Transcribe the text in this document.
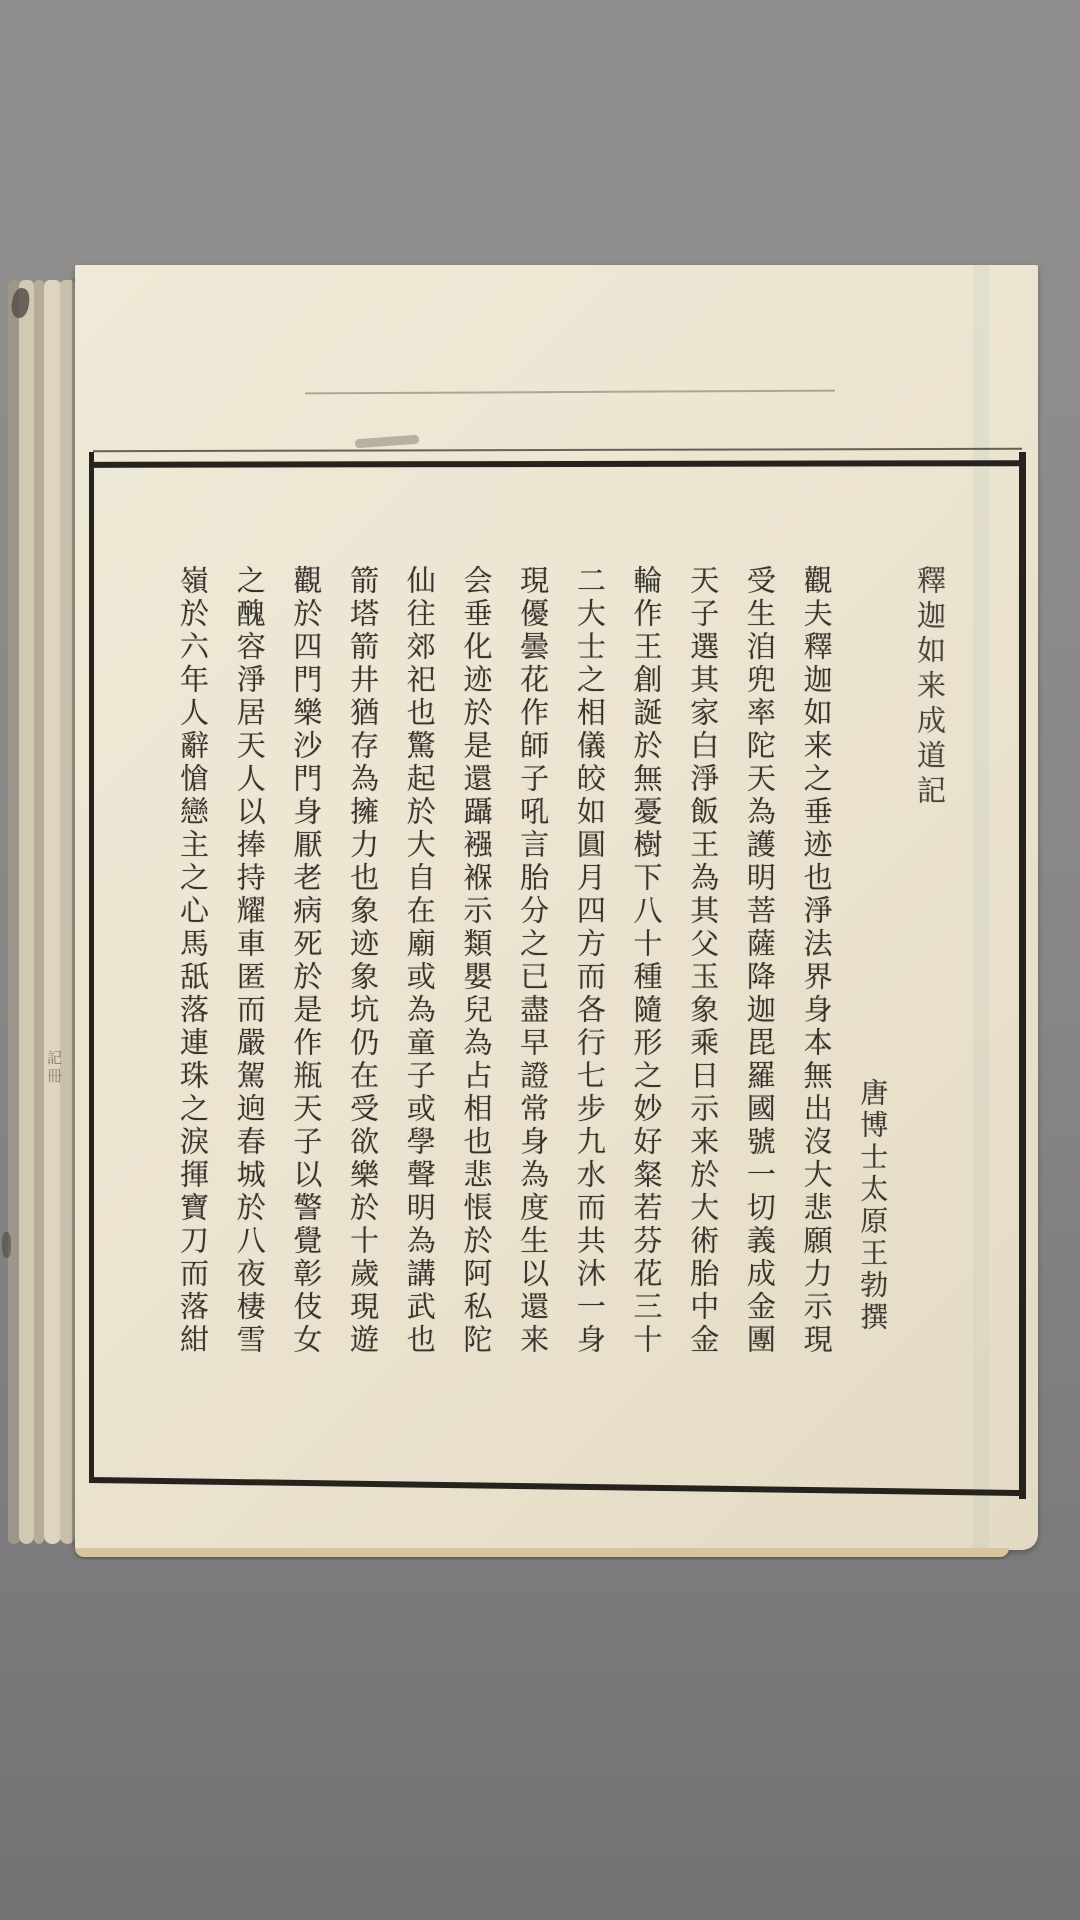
記冊
釋迦如来成道記
唐博士太原王勃撰
觀夫釋迦如来之垂迹也淨法界身本無出沒大悲願力示現
受生洎兜率陀天為護明菩薩降迦毘羅國號一切義成金團
天子選其家白淨飯王為其父玉象乘日示来於大術胎中金
輪作王創誕於無憂樹下八十種隨形之妙好粲若芬花三十
二大士之相儀皎如圓月四方而各行七步九水而共沐一身
現優曇花作師子吼言胎分之已盡早證常身為度生以還来
会垂化迹於是還躡襁褓示類嬰兒為占相也悲悵於阿私陀
仙往郊祀也驚起於大自在廟或為童子或學聲明為講武也
箭塔箭井猶存為擁力也象迹象坑仍在受欲樂於十歲現遊
觀於四門樂沙門身厭老病死於是作瓶天子以警覺彰伎女
之醜容淨居天人以捧持耀車匿而嚴駕逈春城於八夜棲雪
嶺於六年人辭愴戀主之心馬舐落連珠之淚揮寶刀而落紺
